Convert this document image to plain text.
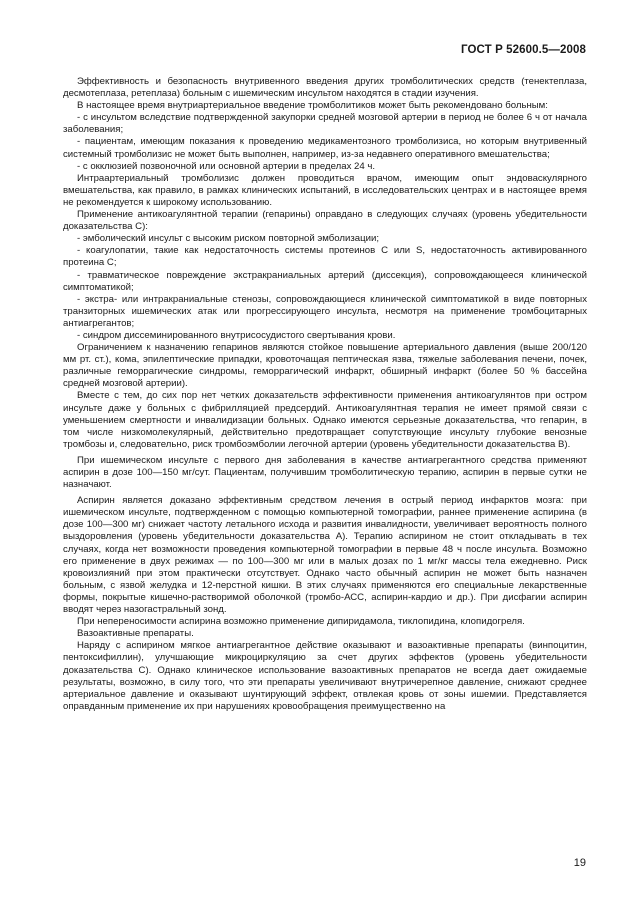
ГОСТ Р 52600.5—2008

Эффективность и безопасность внутривенного введения других тромболитических средств (тенектеплаза, десмотеплаза, ретеплаза) больным с ишемическим инсультом находятся в стадии изучения.

В настоящее время внутриартериальное введение тромболитиков может быть рекомендовано больным:

- с инсультом вследствие подтвержденной закупорки средней мозговой артерии в период не более 6 ч от начала заболевания;

- пациентам, имеющим показания к проведению медикаментозного тромболизиса, но которым внутривенный системный тромболизис не может быть выполнен, например, из-за недавнего оперативного вмешательства;

- с окклюзией позвоночной или основной артерии в пределах 24 ч.

Интраартериальный тромболизис должен проводиться врачом, имеющим опыт эндоваскулярного вмешательства, как правило, в рамках клинических испытаний, в исследовательских центрах и в настоящее время не рекомендуется к широкому использованию.

Применение антикоагулянтной терапии (гепарины) оправдано в следующих случаях (уровень убедительности доказательства С):

- эмболический инсульт с высоким риском повторной эмболизации;

- коагулопатии, такие как недостаточность системы протеинов С или S, недостаточность активированного протеина С;

- травматическое повреждение экстракраниальных артерий (диссекция), сопровождающееся клинической симптоматикой;

- экстра- или интракраниальные стенозы, сопровождающиеся клинической симптоматикой в виде повторных транзиторных ишемических атак или прогрессирующего инсульта, несмотря на применение тромбоцитарных антиагрегантов;

- синдром диссеминированного внутрисосудистого свертывания крови.

Ограничением к назначению гепаринов являются стойкое повышение артериального давления (выше 200/120 мм рт. ст.), кома, эпилептические припадки, кровоточащая пептическая язва, тяжелые заболевания печени, почек, различные геморрагические синдромы, геморрагический инфаркт, обширный инфаркт (более 50 % бассейна средней мозговой артерии).

Вместе с тем, до сих пор нет четких доказательств эффективности применения антикоагулянтов при остром инсульте даже у больных с фибрилляцией предсердий. Антикоагулянтная терапия не имеет прямой связи с уменьшением смертности и инвалидизации больных. Однако имеются серьезные доказательства, что гепарин, в том числе низкомолекулярный, действительно предотвращает сопутствующие инсульту глубокие венозные тромбозы и, следовательно, риск тромбоэмболии легочной артерии (уровень убедительности доказательства В).

При ишемическом инсульте с первого дня заболевания в качестве антиагрегантного средства применяют аспирин в дозе 100—150 мг/сут. Пациентам, получившим тромболитическую терапию, аспирин в первые сутки не назначают.

Аспирин является доказано эффективным средством лечения в острый период инфарктов мозга: при ишемическом инсульте, подтвержденном с помощью компьютерной томографии, раннее применение аспирина (в дозе 100—300 мг) снижает частоту летального исхода и развития инвалидности, увеличивает вероятность полного выздоровления (уровень убедительности доказательства А). Терапию аспирином не стоит откладывать в тех случаях, когда нет возможности проведения компьютерной томографии в первые 48 ч после инсульта. Возможно его применение в двух режимах — по 100—300 мг или в малых дозах по 1 мг/кг массы тела ежедневно. Риск кровоизлияний при этом практически отсутствует. Однако часто обычный аспирин не может быть назначен больным, с язвой желудка и 12-перстной кишки. В этих случаях применяются его специальные лекарственные формы, покрытые кишечно-растворимой оболочкой (тромбо-АСС, аспирин-кардио и др.). При дисфагии аспирин вводят через назогастральный зонд.

При непереносимости аспирина возможно применение дипиридамола, тиклопидина, клопидогреля.

Вазоактивные препараты.

Наряду с аспирином мягкое антиагрегантное действие оказывают и вазоактивные препараты (винпоцитин, пентоксифиллин), улучшающие микроциркуляцию за счет других эффектов (уровень убедительности доказательства С). Однако клиническое использование вазоактивных препаратов не всегда дает ожидаемые результаты, возможно, в силу того, что эти препараты увеличивают внутричерепное давление, снижают среднее артериальное давление и оказывают шунтирующий эффект, отвлекая кровь от зоны ишемии. Представляется оправданным применение их при нарушениях кровообращения преимущественно на

19
